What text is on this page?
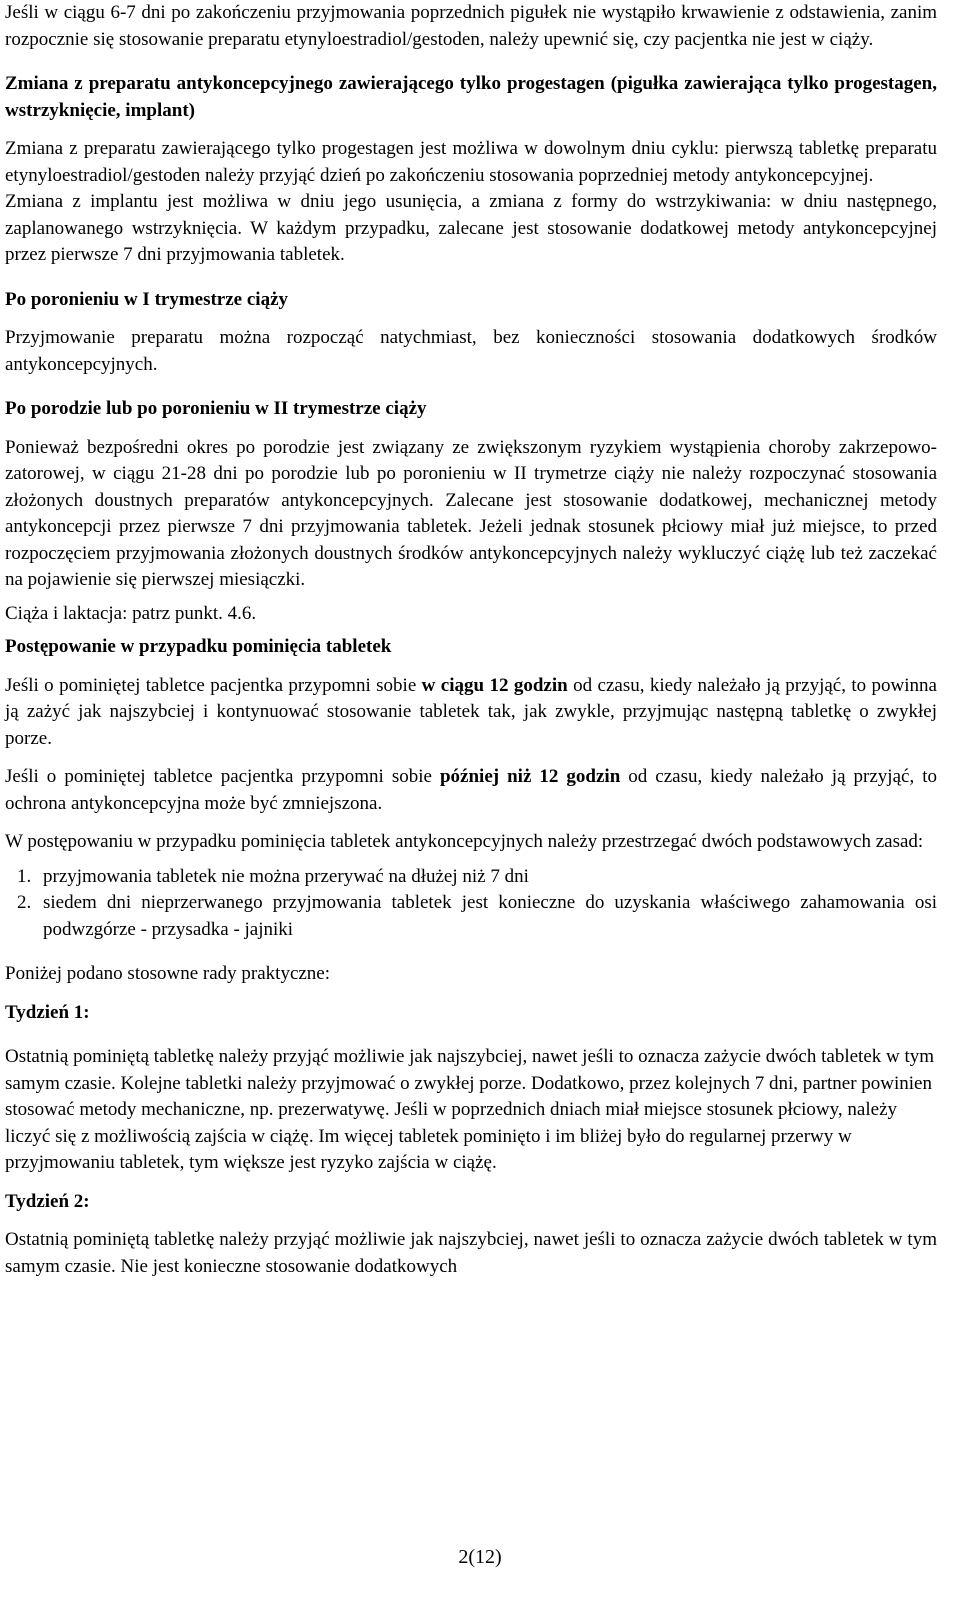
Jeśli w ciągu 6-7 dni po zakończeniu przyjmowania poprzednich pigułek nie wystąpiło krwawienie z odstawienia, zanim rozpocznie się stosowanie preparatu etynyloestradiol/gestoden, należy upewnić się, czy pacjentka nie jest w ciąży.

Zmiana z preparatu antykoncepcyjnego zawierającego tylko progestagen (pigułka zawierająca tylko progestagen, wstrzyknięcie, implant)

Zmiana z preparatu zawierającego tylko progestagen jest możliwa w dowolnym dniu cyklu: pierwszą tabletkę preparatu etynyloestradiol/gestoden należy przyjąć dzień po zakończeniu stosowania poprzedniej metody antykoncepcyjnej.

Zmiana z implantu jest możliwa w dniu jego usunięcia, a zmiana z formy do wstrzykiwania: w dniu następnego, zaplanowanego wstrzyknięcia. W każdym przypadku, zalecane jest stosowanie dodatkowej metody antykoncepcyjnej przez pierwsze 7 dni przyjmowania tabletek.

Po poronieniu w I trymestrze ciąży

Przyjmowanie preparatu można rozpocząć natychmiast, bez konieczności stosowania dodatkowych środków antykoncepcyjnych.

Po porodzie lub po poronieniu w II trymestrze ciąży

Ponieważ bezpośredni okres po porodzie jest związany ze zwiększonym ryzykiem wystąpienia choroby zakrzepowo-zatorowej, w ciągu 21-28 dni po porodzie lub po poronieniu w II trymetrze ciąży nie należy rozpoczynać stosowania złożonych doustnych preparatów antykoncepcyjnych. Zalecane jest stosowanie dodatkowej, mechanicznej metody antykoncepcji przez pierwsze 7 dni przyjmowania tabletek. Jeżeli jednak stosunek płciowy miał już miejsce, to przed rozpoczęciem przyjmowania złożonych doustnych środków antykoncepcyjnych należy wykluczyć ciążę lub też zaczekać na pojawienie się pierwszej miesiączki.

Ciąża i laktacja: patrz punkt. 4.6.

Postępowanie w przypadku pominięcia tabletek

Jeśli o pominiętej tabletce pacjentka przypomni sobie w ciągu 12 godzin od czasu, kiedy należało ją przyjąć, to powinna ją zażyć jak najszybciej i kontynuować stosowanie tabletek tak, jak zwykle, przyjmując następną tabletkę o zwykłej porze.

Jeśli o pominiętej tabletce pacjentka przypomni sobie później niż 12 godzin od czasu, kiedy należało ją przyjąć, to ochrona antykoncepcyjna może być zmniejszona.

W postępowaniu w przypadku pominięcia tabletek antykoncepcyjnych należy przestrzegać dwóch podstawowych zasad:

1. przyjmowania tabletek nie można przerywać na dłużej niż 7 dni
2. siedem dni nieprzerwanego przyjmowania tabletek jest konieczne do uzyskania właściwego zahamowania osi podwzgórze - przysadka - jajniki

Poniżej podano stosowne rady praktyczne:

Tydzień 1:

Ostatnią pominiętą tabletkę należy przyjąć możliwie jak najszybciej, nawet jeśli to oznacza zażycie dwóch tabletek w tym samym czasie. Kolejne tabletki należy przyjmować o zwykłej porze. Dodatkowo, przez kolejnych 7 dni, partner powinien stosować metody mechaniczne, np. prezerwatywę. Jeśli w poprzednich dniach miał miejsce stosunek płciowy, należy liczyć się z możliwością zajścia w ciążę. Im więcej tabletek pominięto i im bliżej było do regularnej przerwy w przyjmowaniu tabletek, tym większe jest ryzyko zajścia w ciążę.

Tydzień 2:

Ostatnią pominiętą tabletkę należy przyjąć możliwie jak najszybciej, nawet jeśli to oznacza zażycie dwóch tabletek w tym samym czasie. Nie jest konieczne stosowanie dodatkowych

2(12)
